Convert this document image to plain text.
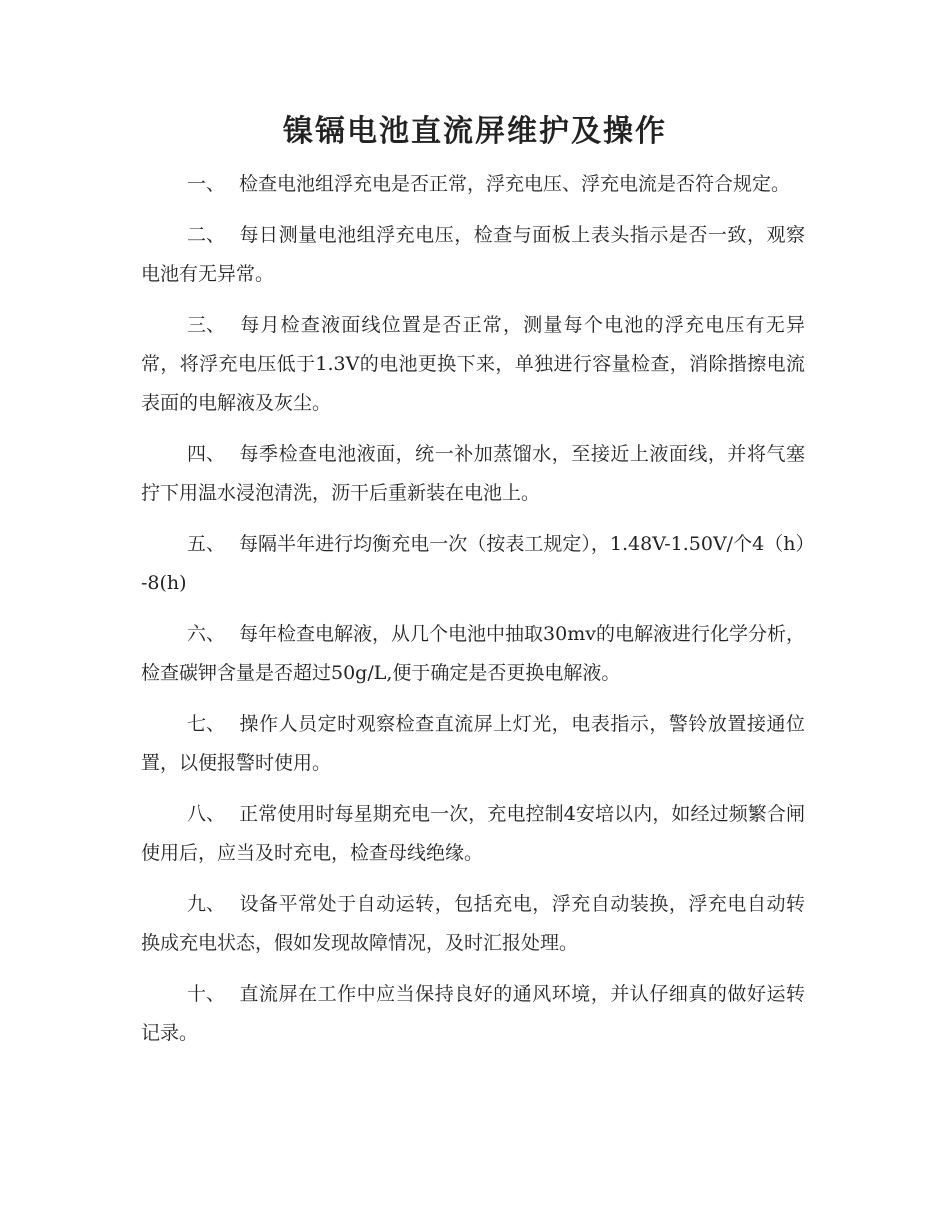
镍镉电池直流屏维护及操作

一、 检查电池组浮充电是否正常，浮充电压、浮充电流是否符合规定。

二、 每日测量电池组浮充电压，检查与面板上表头指示是否一致，观察电池有无异常。

三、 每月检查液面线位置是否正常，测量每个电池的浮充电压有无异常，将浮充电压低于1.3V的电池更换下来，单独进行容量检查，消除揩擦电流表面的电解液及灰尘。

四、 每季检查电池液面，统一补加蒸馏水，至接近上液面线，并将气塞拧下用温水浸泡清洗，沥干后重新装在电池上。

五、 每隔半年进行均衡充电一次（按表工规定），1.48V-1.50V/个4（h）-8(h)

六、 每年检查电解液，从几个电池中抽取30mv的电解液进行化学分析，检查碳钾含量是否超过50g/L,便于确定是否更换电解液。

七、 操作人员定时观察检查直流屏上灯光，电表指示，警铃放置接通位置，以便报警时使用。

八、 正常使用时每星期充电一次，充电控制4安培以内，如经过频繁合闸使用后，应当及时充电，检查母线绝缘。

九、 设备平常处于自动运转，包括充电，浮充自动装换，浮充电自动转换成充电状态，假如发现故障情况，及时汇报处理。

十、 直流屏在工作中应当保持良好的通风环境，并认仔细真的做好运转记录。
